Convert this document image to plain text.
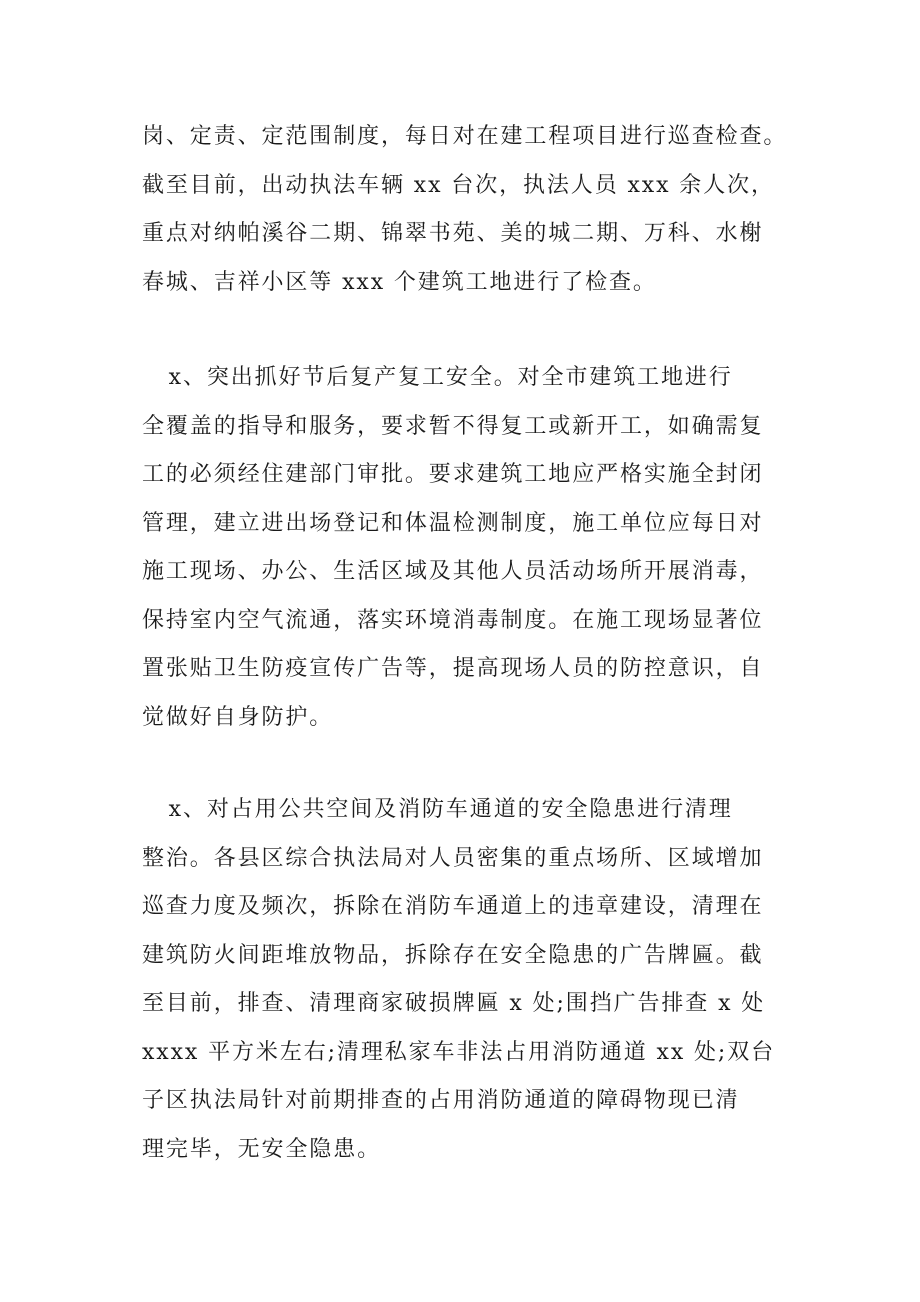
岗、定责、定范围制度，每日对在建工程项目进行巡查检查。
截至目前，出动执法车辆 xx 台次，执法人员 xxx 余人次，
重点对纳帕溪谷二期、锦翠书苑、美的城二期、万科、水榭
春城、吉祥小区等 xxx 个建筑工地进行了检查。

x、突出抓好节后复产复工安全。对全市建筑工地进行
全覆盖的指导和服务，要求暂不得复工或新开工，如确需复
工的必须经住建部门审批。要求建筑工地应严格实施全封闭
管理，建立进出场登记和体温检测制度，施工单位应每日对
施工现场、办公、生活区域及其他人员活动场所开展消毒，
保持室内空气流通，落实环境消毒制度。在施工现场显著位
置张贴卫生防疫宣传广告等，提高现场人员的防控意识，自
觉做好自身防护。

x、对占用公共空间及消防车通道的安全隐患进行清理
整治。各县区综合执法局对人员密集的重点场所、区域增加
巡查力度及频次，拆除在消防车通道上的违章建设，清理在
建筑防火间距堆放物品，拆除存在安全隐患的广告牌匾。截
至目前，排查、清理商家破损牌匾 x 处;围挡广告排查 x 处
xxxx 平方米左右;清理私家车非法占用消防通道 xx 处;双台
子区执法局针对前期排查的占用消防通道的障碍物现已清
理完毕，无安全隐患。
